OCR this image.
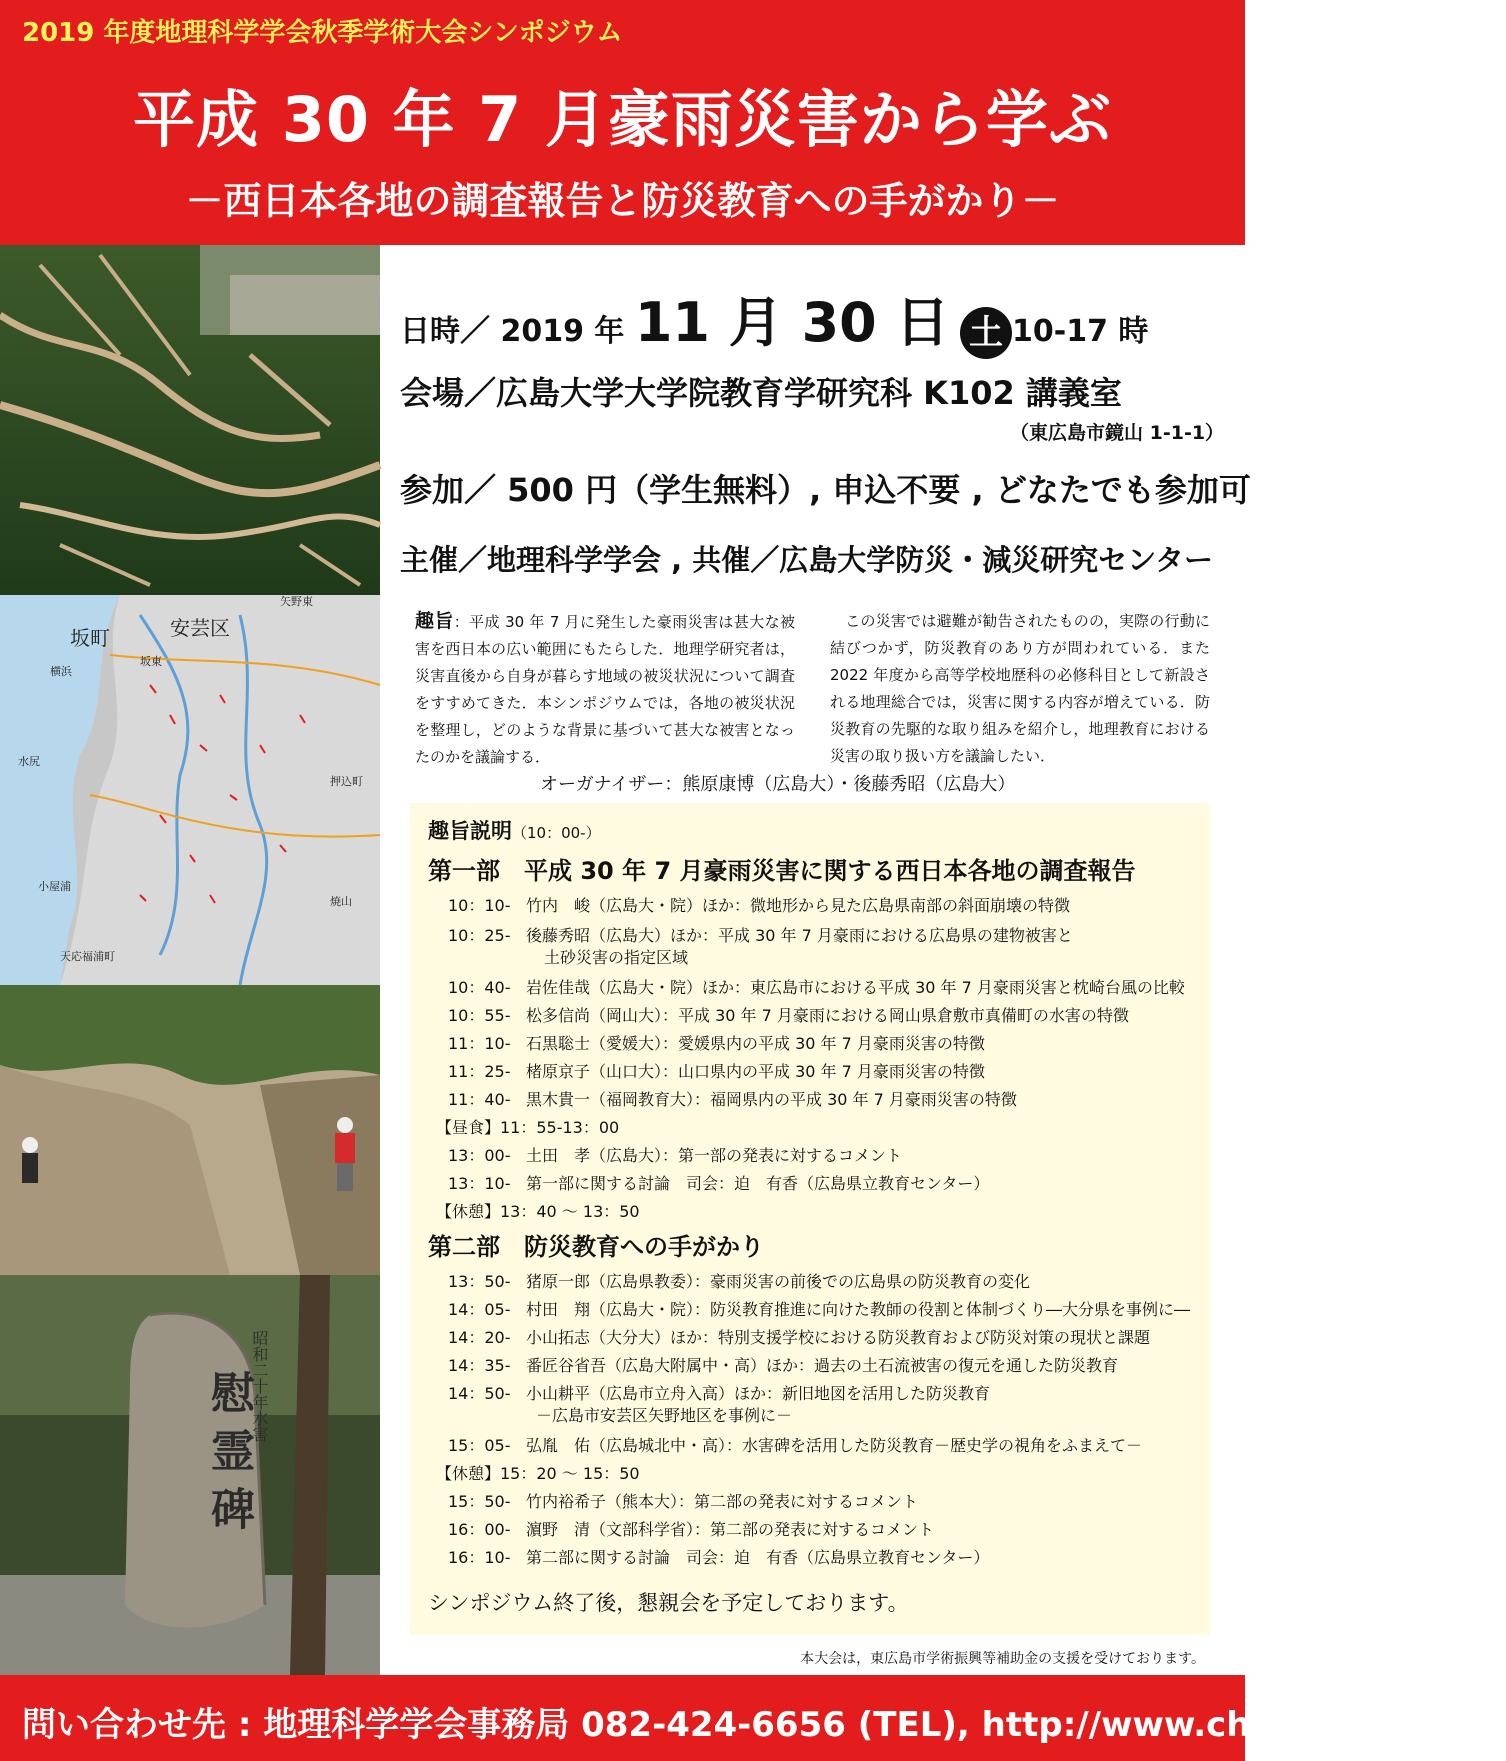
2019 年度地理科学学会秋季学術大会シンポジウム
平成 30 年 7 月豪雨災害から学ぶ
－西日本各地の調査報告と防災教育への手がかり－
坂町	安芸区
横浜
坂東
矢野東
水尻
押込町
小屋浦
焼山
天応福浦町
昭和二十年水害
慰霊碑
日時／ 2019 年 11 月 30 日 土 10-17 時
会場／広島大学大学院教育学研究科 K102 講義室
（東広島市鏡山 1-1-1）
参加／ 500 円（学生無料）, 申込不要 , どなたでも参加可
主催／地理科学学会 , 共催／広島大学防災・減災研究センター
趣旨：平成 30 年 7 月に発生した豪雨災害は甚大な被害を西日本の広い範囲にもたらした．地理学研究者は，災害直後から自身が暮らす地域の被災状況について調査をすすめてきた．本シンポジウムでは，各地の被災状況を整理し，どのような背景に基づいて甚大な被害となったのかを議論する．
　この災害では避難が勧告されたものの，実際の行動に結びつかず，防災教育のあり方が問われている．また 2022 年度から高等学校地歴科の必修科目として新設される地理総合では，災害に関する内容が増えている．防災教育の先駆的な取り組みを紹介し，地理教育における災害の取り扱い方を議論したい．
オーガナイザー：熊原康博（広島大）・後藤秀昭（広島大）
趣旨説明（10：00-）
第一部　平成 30 年 7 月豪雨災害に関する西日本各地の調査報告
10：10- 竹内　峻（広島大・院）ほか：微地形から見た広島県南部の斜面崩壊の特徴
10：25- 後藤秀昭（広島大）ほか：平成 30 年 7 月豪雨における広島県の建物被害と
土砂災害の指定区域
10：40- 岩佐佳哉（広島大・院）ほか：東広島市における平成 30 年 7 月豪雨災害と枕崎台風の比較
10：55- 松多信尚（岡山大）：平成 30 年 7 月豪雨における岡山県倉敷市真備町の水害の特徴
11：10- 石黒聡士（愛媛大）：愛媛県内の平成 30 年 7 月豪雨災害の特徴
11：25- 楮原京子（山口大）：山口県内の平成 30 年 7 月豪雨災害の特徴
11：40- 黒木貴一（福岡教育大）：福岡県内の平成 30 年 7 月豪雨災害の特徴
【昼食】11：55-13：00
13：00- 土田　孝（広島大）：第一部の発表に対するコメント
13：10- 第一部に関する討論　司会：迫　有香（広島県立教育センター）
【休憩】13：40 ～ 13：50
第二部　防災教育への手がかり
13：50- 猪原一郎（広島県教委）：豪雨災害の前後での広島県の防災教育の変化
14：05- 村田　翔（広島大・院）：防災教育推進に向けた教師の役割と体制づくり―大分県を事例に―
14：20- 小山拓志（大分大）ほか：特別支援学校における防災教育および防災対策の現状と課題
14：35- 番匠谷省吾（広島大附属中・高）ほか：過去の土石流被害の復元を通した防災教育
14：50- 小山耕平（広島市立舟入高）ほか：新旧地図を活用した防災教育
－広島市安芸区矢野地区を事例に－
15：05- 弘胤　佑（広島城北中・高）：水害碑を活用した防災教育－歴史学の視角をふまえて－
【休憩】15：20 ～ 15：50
15：50- 竹内裕希子（熊本大）：第二部の発表に対するコメント
16：00- 濵野　清（文部科学省）：第二部の発表に対するコメント
16：10- 第二部に関する討論　司会：迫　有香（広島県立教育センター）
シンポジウム終了後，懇親会を予定しております。
本大会は，東広島市学術振興等補助金の支援を受けております。
問い合わせ先 : 地理科学学会事務局 082-424-6656 (TEL), http://www.chiri-kagaku.jp/
